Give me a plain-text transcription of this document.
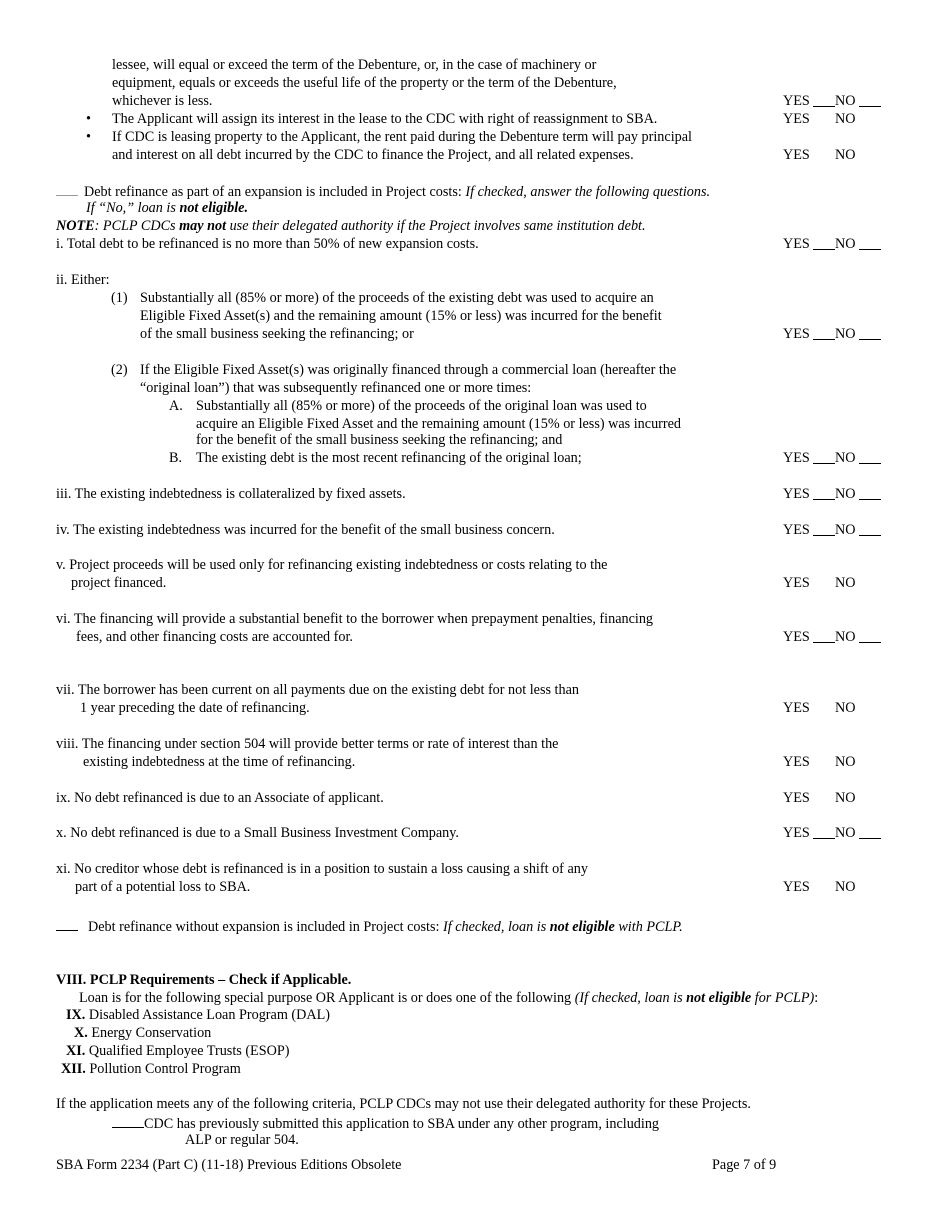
lessee, will equal or exceed the term of the Debenture, or, in the case of machinery or
equipment, equals or exceeds the useful life of the property or the term of the Debenture,
whichever is less.	YES NO
• The Applicant will assign its interest in the lease to the CDC with right of reassignment to SBA.	YES NO
• If CDC is leasing property to the Applicant, the rent paid during the Debenture term will pay principal
and interest on all debt incurred by the CDC to finance the Project, and all related expenses.	YES NO
Debt refinance as part of an expansion is included in Project costs: If checked, answer the following questions.
If “No,” loan is not eligible.
NOTE: PCLP CDCs may not use their delegated authority if the Project involves same institution debt.
i. Total debt to be refinanced is no more than 50% of new expansion costs.	YES NO
ii. Either:
(1) Substantially all (85% or more) of the proceeds of the existing debt was used to acquire an
Eligible Fixed Asset(s) and the remaining amount (15% or less) was incurred for the benefit
of the small business seeking the refinancing; or	YES NO
(2) If the Eligible Fixed Asset(s) was originally financed through a commercial loan (hereafter the
“original loan”) that was subsequently refinanced one or more times:
A. Substantially all (85% or more) of the proceeds of the original loan was used to
acquire an Eligible Fixed Asset and the remaining amount (15% or less) was incurred
for the benefit of the small business seeking the refinancing; and
B. The existing debt is the most recent refinancing of the original loan;	YES NO
iii. The existing indebtedness is collateralized by fixed assets.	YES NO
iv. The existing indebtedness was incurred for the benefit of the small business concern.	YES NO
v. Project proceeds will be used only for refinancing existing indebtedness or costs relating to the
project financed.	YES NO
vi. The financing will provide a substantial benefit to the borrower when prepayment penalties, financing
fees, and other financing costs are accounted for.	YES NO
vii. The borrower has been current on all payments due on the existing debt for not less than
1 year preceding the date of refinancing.	YES NO
viii. The financing under section 504 will provide better terms or rate of interest than the
existing indebtedness at the time of refinancing.	YES NO
ix. No debt refinanced is due to an Associate of applicant.	YES NO
x. No debt refinanced is due to a Small Business Investment Company.	YES NO
xi. No creditor whose debt is refinanced is in a position to sustain a loss causing a shift of any
part of a potential loss to SBA.	YES NO
Debt refinance without expansion is included in Project costs: If checked, loan is not eligible with PCLP.
VIII. PCLP Requirements – Check if Applicable.
Loan is for the following special purpose OR Applicant is or does one of the following (If checked, loan is not eligible for PCLP):
IX. Disabled Assistance Loan Program (DAL)
X. Energy Conservation
XI. Qualified Employee Trusts (ESOP)
XII. Pollution Control Program
If the application meets any of the following criteria, PCLP CDCs may not use their delegated authority for these Projects.
CDC has previously submitted this application to SBA under any other program, including
ALP or regular 504.
SBA Form 2234 (Part C) (11-18) Previous Editions Obsolete	Page 7 of 9
